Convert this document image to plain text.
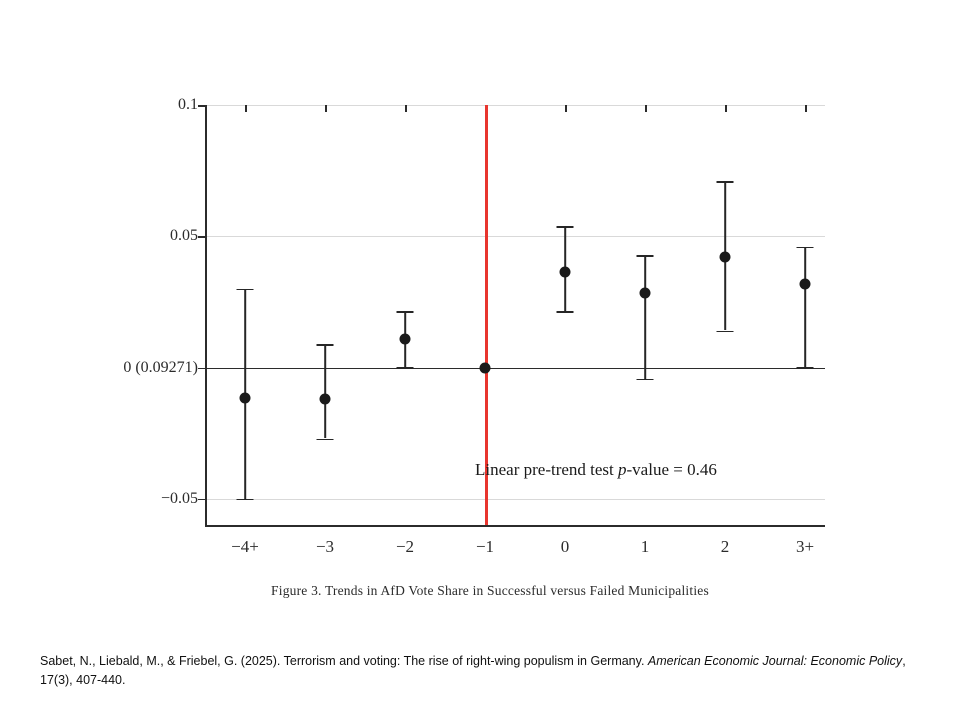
0.1
0.05
0 (0.09271)
−0.05
Linear pre-trend test p-value = 0.46
−4+	−3	−2	−1	0	1	2	3+
Figure 3. Trends in AfD Vote Share in Successful versus Failed Municipalities
Sabet, N., Liebald, M., & Friebel, G. (2025). Terrorism and voting: The rise of right-wing populism in Germany. American Economic Journal: Economic Policy, 17(3), 407-440.
